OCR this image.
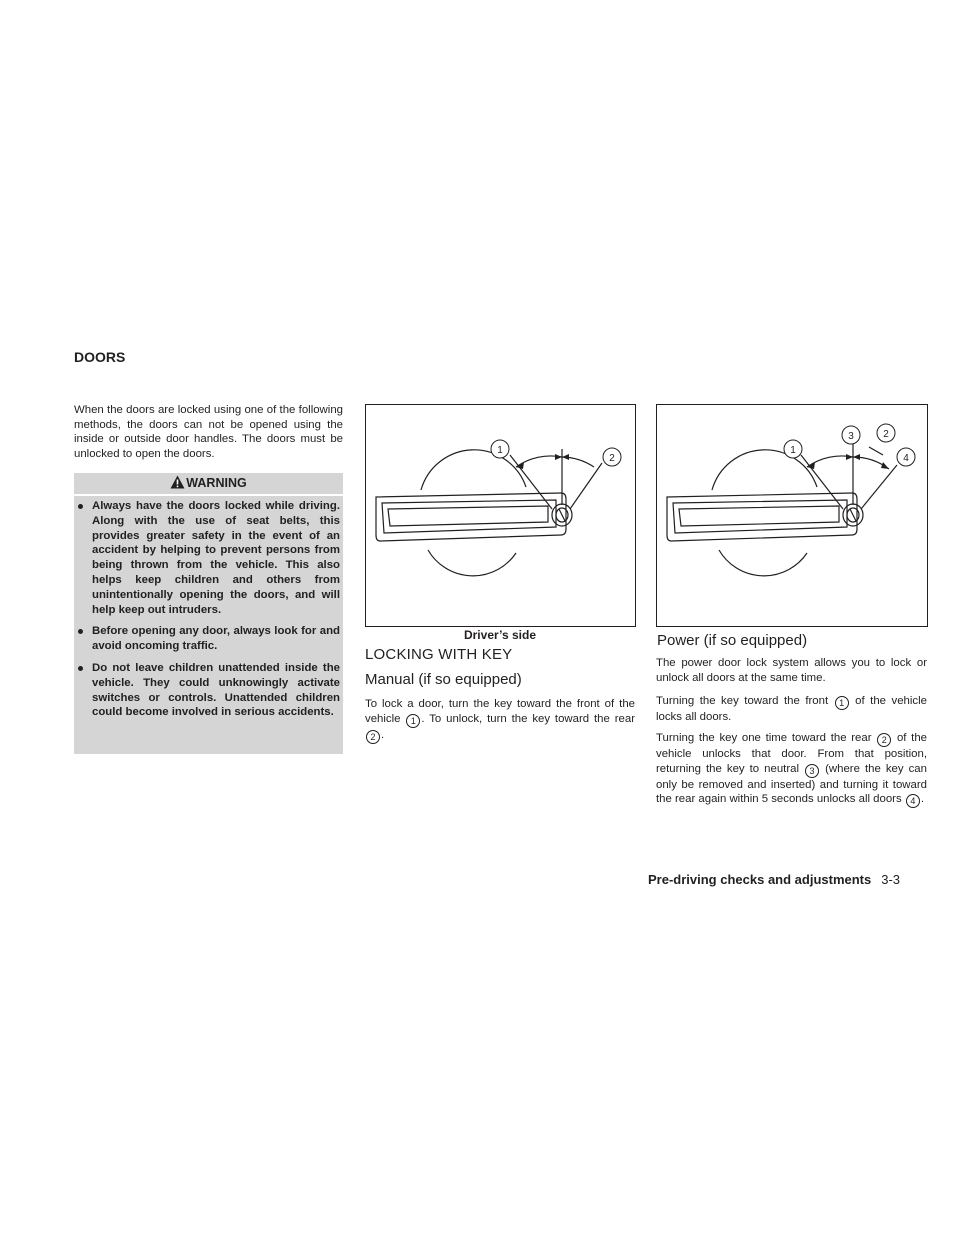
DOORS

When the doors are locked using one of the following methods, the doors can not be opened using the inside or outside door handles. The doors must be unlocked to open the doors.

WARNING
Always have the doors locked while driving. Along with the use of seat belts, this provides greater safety in the event of an accident by helping to prevent persons from being thrown from the vehicle. This also helps keep children and others from unintentionally opening the doors, and will help keep out intruders.
Before opening any door, always look for and avoid oncoming traffic.
Do not leave children unattended inside the vehicle. They could unknowingly activate switches or controls. Unattended children could become involved in serious accidents.
1
2
Driver’s side
LOCKING WITH KEY
Manual (if so equipped)

To lock a door, turn the key toward the front of the vehicle 1 . To unlock, turn the key toward the rear 2 .

1
3	2
4
Power (if so equipped)

The power door lock system allows you to lock or unlock all doors at the same time.

Turning the key toward the front 1 of the vehicle locks all doors.

Turning the key one time toward the rear 2 of the vehicle unlocks that door. From that position, returning the key to neutral 3 (where the key can only be removed and inserted) and turning it toward the rear again within 5 seconds unlocks all doors 4 .

Pre-driving checks and adjustments 3-3
